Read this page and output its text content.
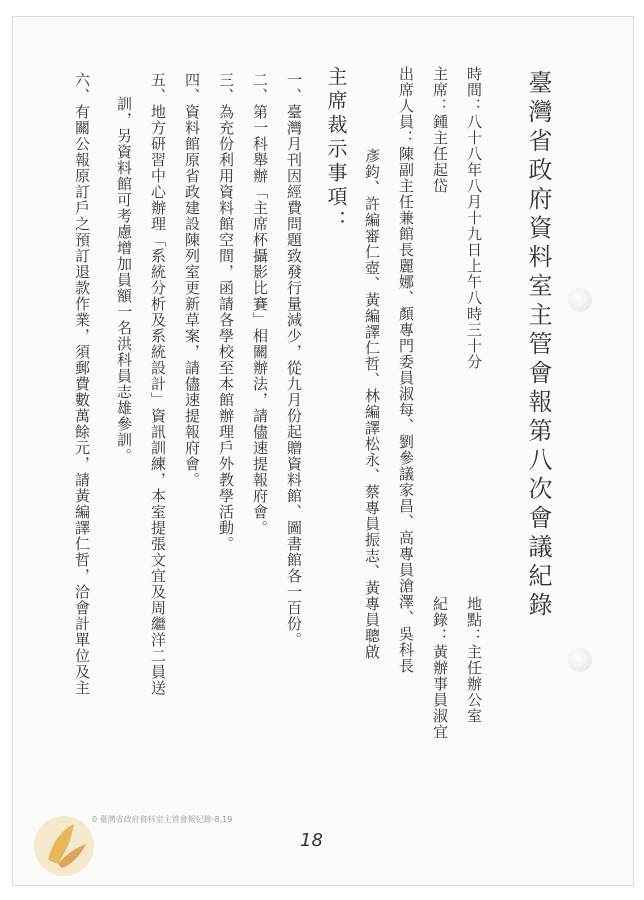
臺灣省政府資料室主管會報第八次會議紀錄
時間：八十八年八月十九日上午八時三十分
地點：主任辦公室
主席：鍾主任起岱
紀錄：黃辦事員淑宜
出席人員：陳副主任兼館長麗娜、顏專門委員淑每、劉參議家昌、高專員滄澤、吳科長
彥鈞、許編審仁壺、黃編譯仁哲、林編譯松永、蔡專員振志、黃專員聰啟
主席裁示事項：
一、臺灣月刊因經費問題致發行量減少，從九月份起贈資料館、圖書館各一百份。
二、第一科舉辦「主席杯攝影比賽」相關辦法，請儘速提報府會。
三、為充份利用資料館空間，函請各學校至本館辦理戶外教學活動。
四、資料館原省政建設陳列室更新草案，請儘速提報府會。
五、地方研習中心辦理「系統分析及系統設計」資訊訓練，本室提張文宜及周繼洋二員送
訓，另資料館可考慮增加員額一名洪科員志雄參訓。
六、有關公報原訂戶之預訂退款作業，須郵費數萬餘元，請黃編譯仁哲，洽會計單位及主
0 臺灣省政府資料室主管會報紀錄-8,19
18
